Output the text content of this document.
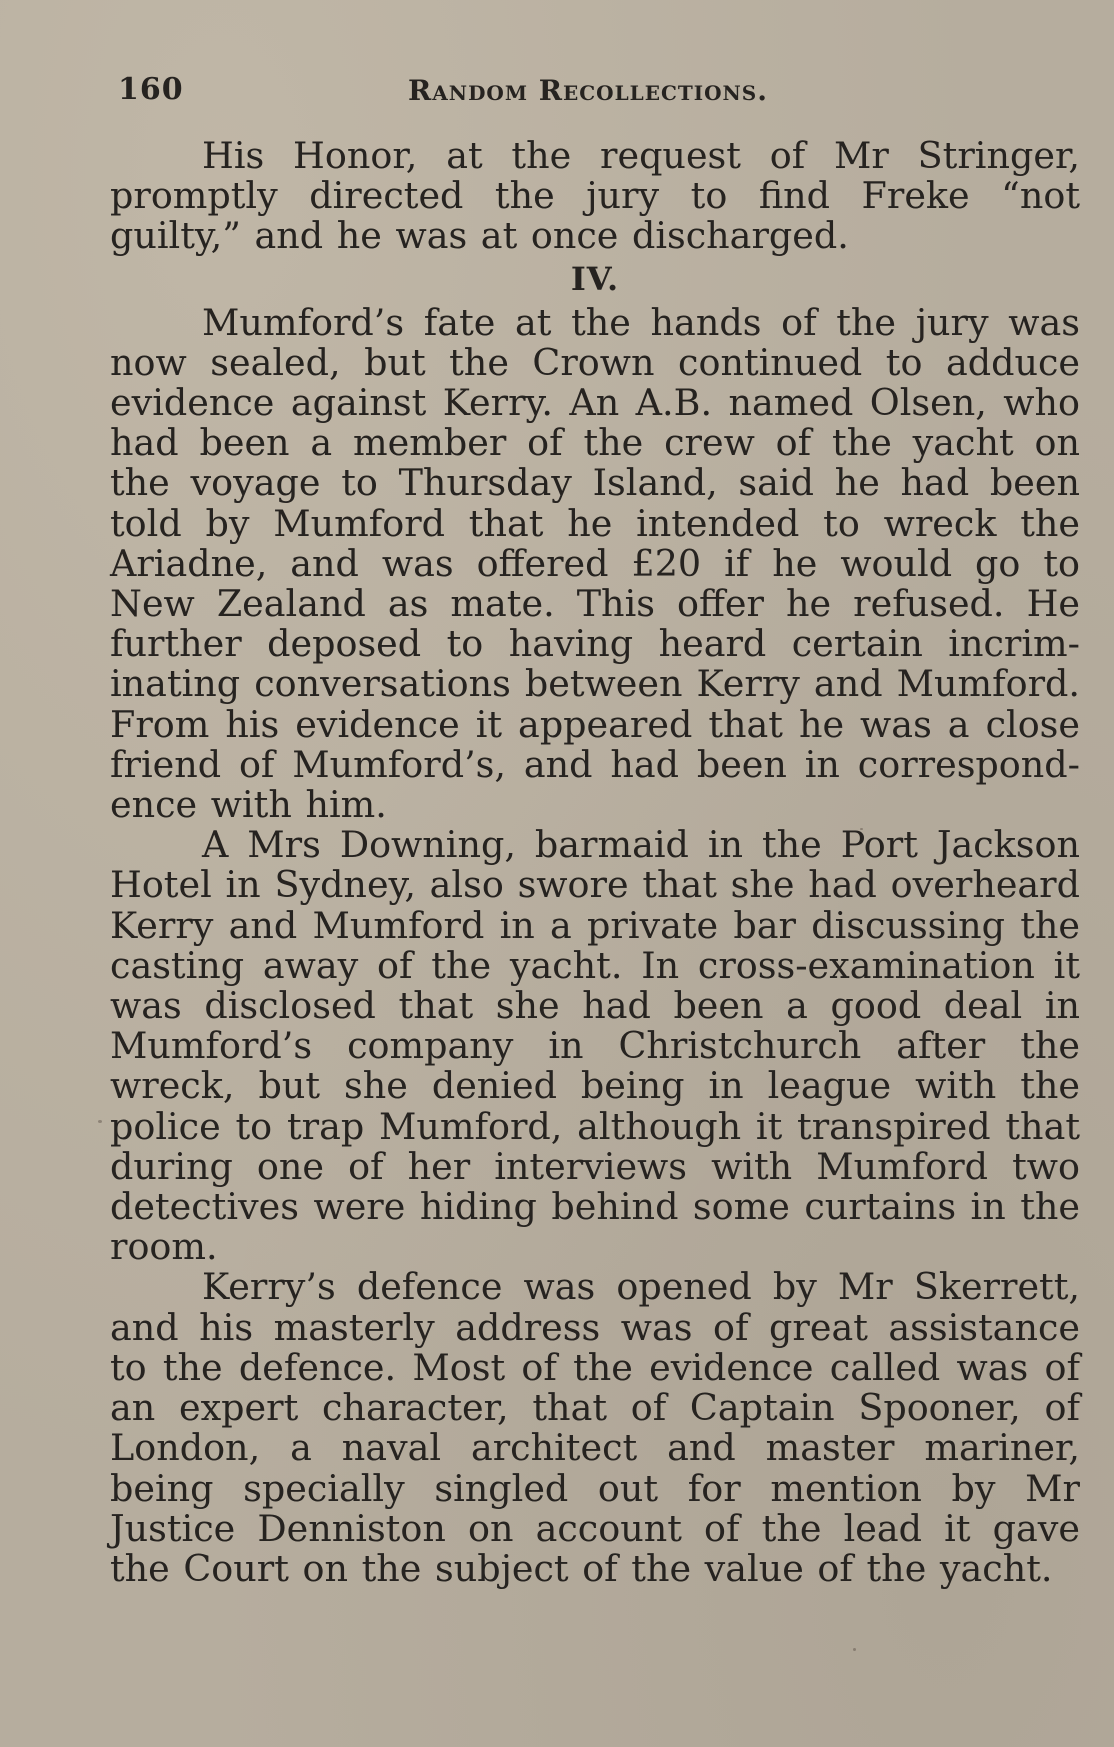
160	Random Recollections.

His Honor, at the request of Mr Stringer, promptly directed the jury to find Freke “not guilty,” and he was at once discharged.

IV.

Mumford’s fate at the hands of the jury was now sealed, but the Crown continued to adduce evidence against Kerry. An A.B. named Olsen, who had been a member of the crew of the yacht on the voyage to Thursday Island, said he had been told by Mumford that he intended to wreck the Ariadne, and was offered £20 if he would go to New Zealand as mate. This offer he refused. He further deposed to having heard certain incriminating conversations between Kerry and Mumford. From his evidence it appeared that he was a close friend of Mumford’s, and had been in correspondence with him.

A Mrs Downing, barmaid in the Port Jackson Hotel in Sydney, also swore that she had overheard Kerry and Mumford in a private bar discussing the casting away of the yacht. In cross-examination it was disclosed that she had been a good deal in Mumford’s company in Christchurch after the wreck, but she denied being in league with the police to trap Mumford, although it transpired that during one of her interviews with Mumford two detectives were hiding behind some curtains in the room.

Kerry’s defence was opened by Mr Skerrett, and his masterly address was of great assistance to the defence. Most of the evidence called was of an expert character, that of Captain Spooner, of London, a naval architect and master mariner, being specially singled out for mention by Mr Justice Denniston on account of the lead it gave the Court on the subject of the value of the yacht.
